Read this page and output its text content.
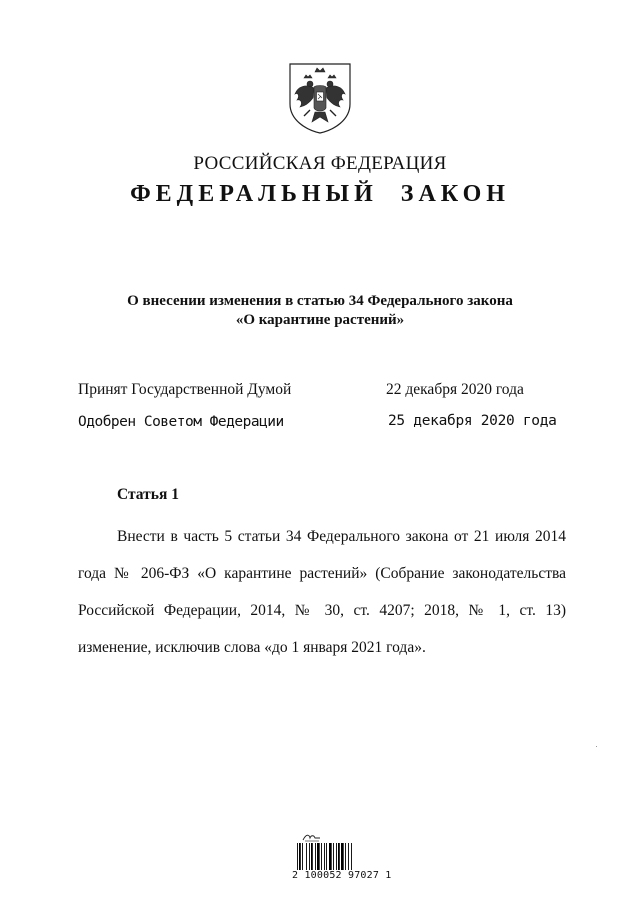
РОССИЙСКАЯ ФЕДЕРАЦИЯ
ФЕДЕРАЛЬНЫЙ ЗАКОН
О внесении изменения в статью 34 Федерального закона
«О карантине растений»
Принят Государственной Думой	22 декабря 2020 года
Одобрен Советом Федерации	25 декабря 2020 года
Статья 1

Внести в часть 5 статьи 34 Федерального закона от 21 июля 2014 года № 206-ФЗ «О карантине растений» (Собрание законодательства Российской Федерации, 2014, № 30, ст. 4207; 2018, № 1, ст. 13) изменение, исключив слова «до 1 января 2021 года».

2 100052 97027 1
